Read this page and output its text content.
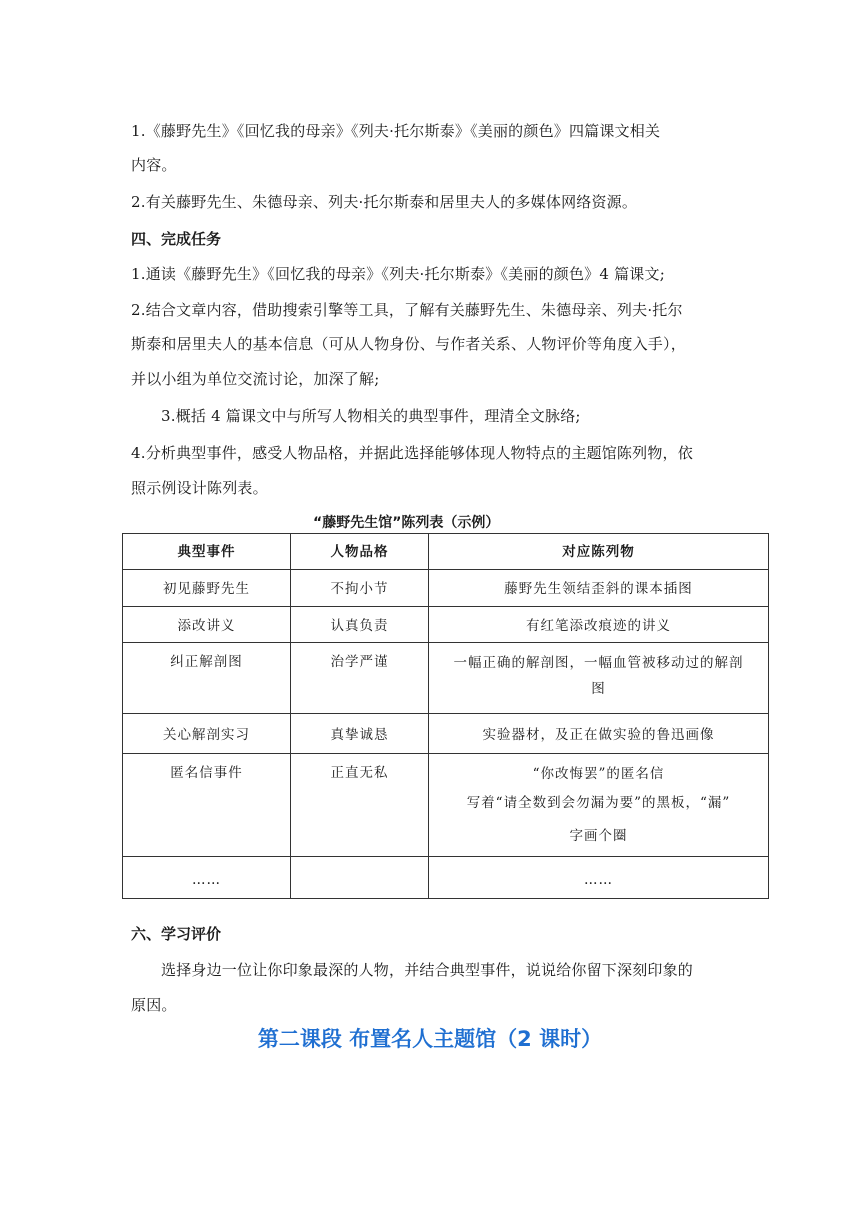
1.《藤野先生》《回忆我的母亲》《列夫·托尔斯泰》《美丽的颜色》四篇课文相关
内容。
2.有关藤野先生、朱德母亲、列夫·托尔斯泰和居里夫人的多媒体网络资源。
四、完成任务
1.通读《藤野先生》《回忆我的母亲》《列夫·托尔斯泰》《美丽的颜色》4 篇课文;
2.结合文章内容，借助搜索引擎等工具，了解有关藤野先生、朱德母亲、列夫·托尔
斯泰和居里夫人的基本信息（可从人物身份、与作者关系、人物评价等角度入手），
并以小组为单位交流讨论，加深了解;
3.概括 4 篇课文中与所写人物相关的典型事件，理清全文脉络;
4.分析典型事件，感受人物品格，并据此选择能够体现人物特点的主题馆陈列物，依
照示例设计陈列表。
“藤野先生馆”陈列表（示例）
典型事件	人物品格	对应陈列物
初见藤野先生	不拘小节	藤野先生领结歪斜的课本插图

添改讲义	认真负责	有红笔添改痕迹的讲义

纠正解剖图	治学严谨	一幅正确的解剖图，一幅血管被移动过的解剖
图

关心解剖实习	真挚诚恳	实验器材，及正在做实验的鲁迅画像

匿名信事件	正直无私	“你改悔罢”的匿名信
写着“请全数到会勿漏为要”的黑板，“漏”
字画个圈

……		……
六、学习评价
选择身边一位让你印象最深的人物，并结合典型事件，说说给你留下深刻印象的
原因。
第二课段 布置名人主题馆（2 课时）
